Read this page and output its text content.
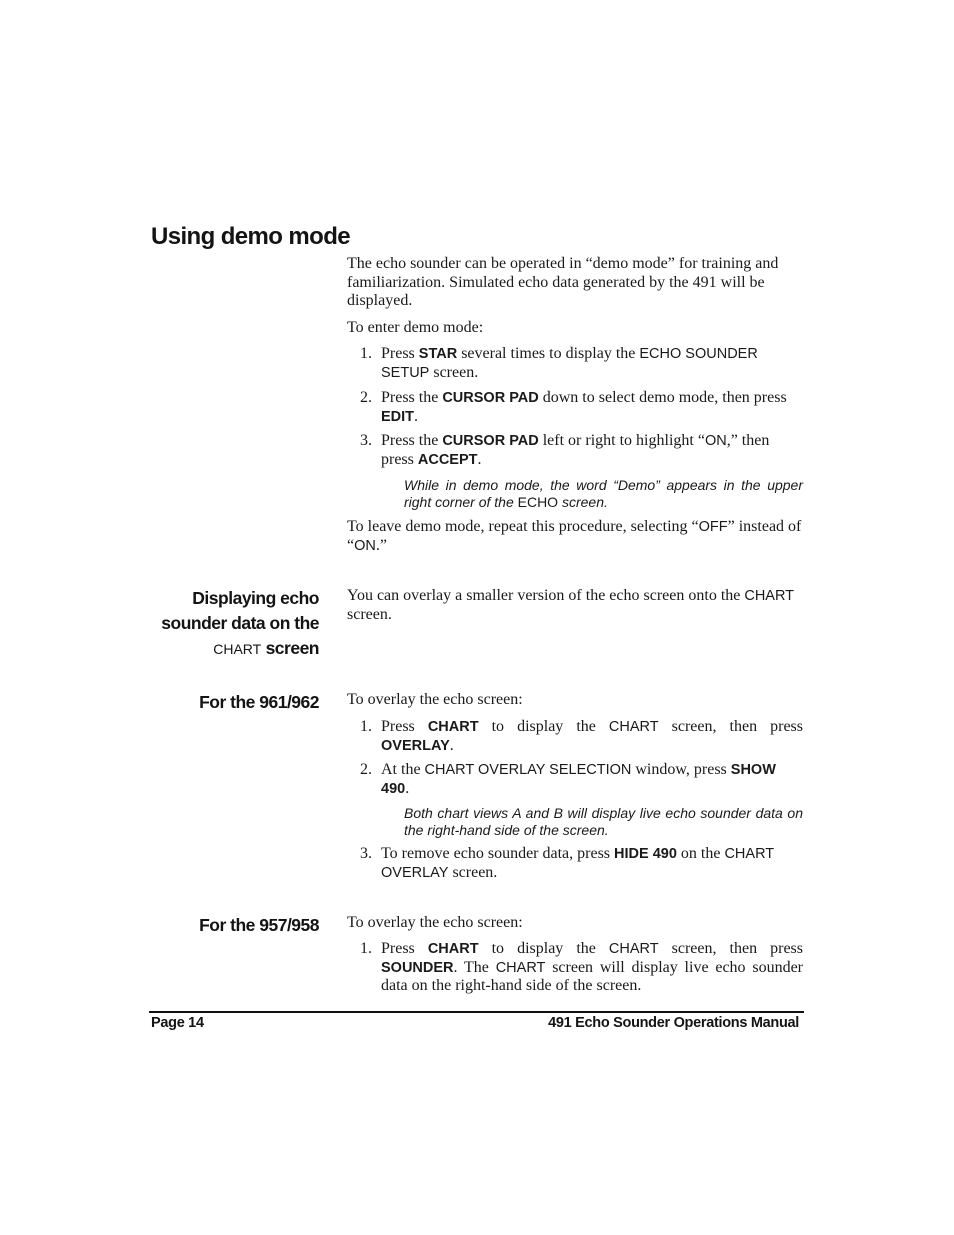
Using demo mode

The echo sounder can be operated in “demo mode” for training and familiarization. Simulated echo data generated by the 491 will be displayed.

To enter demo mode:

1. Press STAR several times to display the ECHO SOUNDER SETUP screen.
2. Press the CURSOR PAD down to select demo mode, then press EDIT.
3. Press the CURSOR PAD left or right to highlight “ON,” then press ACCEPT.

While in demo mode, the word “Demo” appears in the upper right corner of the ECHO screen.

To leave demo mode, repeat this procedure, selecting “OFF” instead of “ON.”

Displaying echo
sounder data on the
CHART screen

You can overlay a smaller version of the echo screen onto the CHART screen.

For the 961/962 To overlay the echo screen:

1. Press CHART to display the CHART screen, then press OVERLAY.
2. At the CHART OVERLAY SELECTION window, press SHOW 490.

Both chart views A and B will display live echo sounder data on the right-hand side of the screen.

3. To remove echo sounder data, press HIDE 490 on the CHART OVERLAY screen.
For the 957/958 To overlay the echo screen:

1. Press CHART to display the CHART screen, then press SOUNDER. The CHART screen will display live echo sounder data on the right-hand side of the screen.
Page 14	491 Echo Sounder Operations Manual
